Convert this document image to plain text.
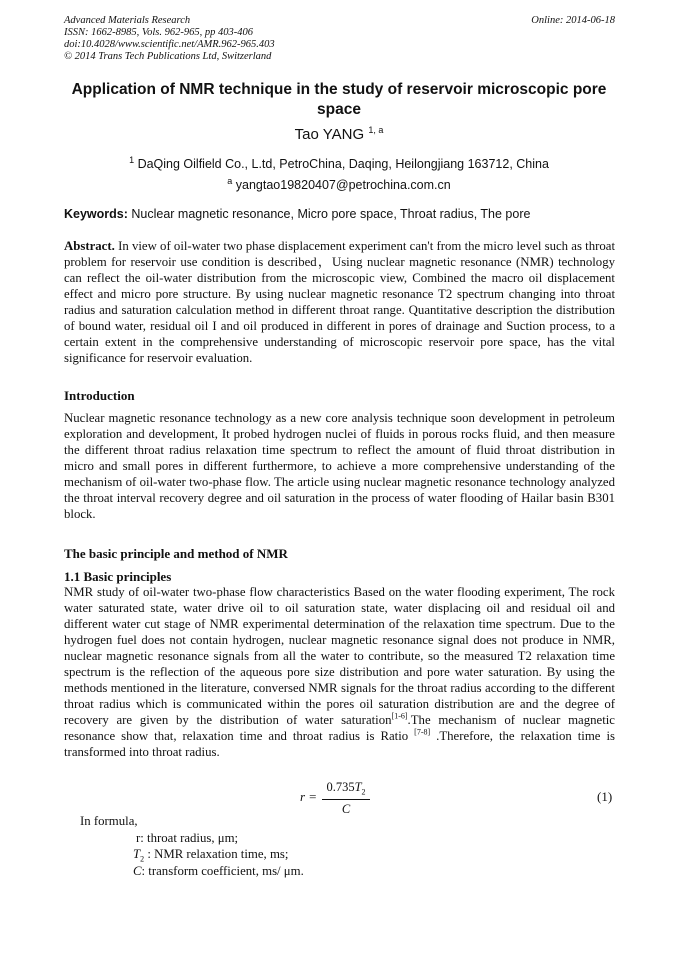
Advanced Materials Research
ISSN: 1662-8985, Vols. 962-965, pp 403-406
doi:10.4028/www.scientific.net/AMR.962-965.403
© 2014 Trans Tech Publications Ltd, Switzerland
Online: 2014-06-18
Application of NMR technique in the study of reservoir microscopic pore space
Tao YANG $^{1, a}$
$^1$ DaQing Oilfield Co., L.td, PetroChina, Daqing, Heilongjiang 163712, China
$^a$ yangtao19820407@petrochina.com.cn
Keywords: Nuclear magnetic resonance, Micro pore space, Throat radius, The pore
Abstract. In view of oil-water two phase displacement experiment can't from the micro level such as throat problem for reservoir use condition is described，Using nuclear magnetic resonance (NMR) technology can reflect the oil-water distribution from the microscopic view, Combined the macro oil displacement effect and micro pore structure. By using nuclear magnetic resonance T2 spectrum changing into throat radius and saturation calculation method in different throat range. Quantitative description the distribution of bound water, residual oil I and oil produced in different in pores of drainage and Suction process, to a certain extent in the comprehensive understanding of microscopic reservoir pore space, has the vital significance for reservoir evaluation.
Introduction
Nuclear magnetic resonance technology as a new core analysis technique soon development in petroleum exploration and development, It probed hydrogen nuclei of fluids in porous rocks fluid, and then measure the different throat radius relaxation time spectrum to reflect the amount of fluid throat distribution in micro and small pores in different furthermore, to achieve a more comprehensive understanding of the mechanism of oil-water two-phase flow. The article using nuclear magnetic resonance technology analyzed the throat interval recovery degree and oil saturation in the process of water flooding of Hailar basin B301 block.
The basic principle and method of NMR
1.1 Basic principles
NMR study of oil-water two-phase flow characteristics Based on the water flooding experiment, The rock water saturated state, water drive oil to oil saturation state, water displacing oil and residual oil and different water cut stage of NMR experimental determination of the relaxation time spectrum. Due to the hydrogen fuel does not contain hydrogen, nuclear magnetic resonance signal does not produce in NMR, nuclear magnetic resonance signals from all the water to contribute, so the measured T2 relaxation time spectrum is the reflection of the aqueous pore size distribution and pore water saturation. By using the methods mentioned in the literature, conversed NMR signals for the throat radius according to the different throat radius which is communicated within the pores oil saturation distribution are and the degree of recovery are given by the distribution of water saturation[1-6].The mechanism of nuclear magnetic resonance show that, relaxation time and throat radius is Ratio [7-8] .Therefore, the relaxation time is transformed into throat radius.
$r = \frac{0.735T_2}{C}$	(1)
In formula,
r: throat radius, μm;
$T_2$ : NMR relaxation time, ms;
C: transform coefficient, ms/ μm.
